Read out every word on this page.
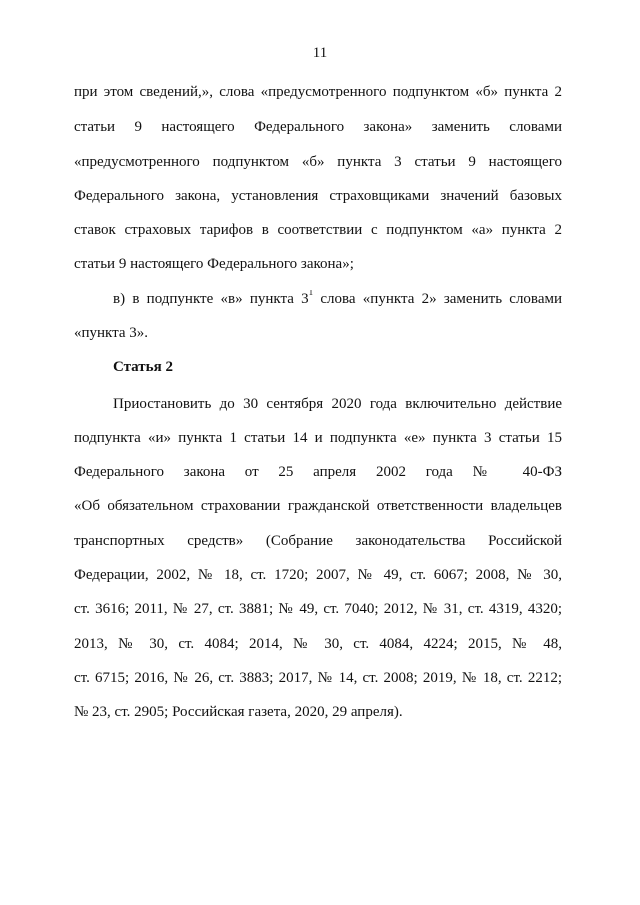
11
при этом сведений,», слова «предусмотренного подпунктом «б» пункта 2
статьи 9 настоящего Федерального закона» заменить словами
«предусмотренного подпунктом «б» пункта 3 статьи 9 настоящего
Федерального закона, установления страховщиками значений базовых
ставок страховых тарифов в соответствии с подпунктом «а» пункта 2
статьи 9 настоящего Федерального закона»;
в) в подпункте «в» пункта $3^1$ слова «пункта 2» заменить словами
«пункта 3».
Статья 2
Приостановить до 30 сентября 2020 года включительно действие
подпункта «и» пункта 1 статьи 14 и подпункта «е» пункта 3 статьи 15
Федерального закона от 25 апреля 2002 года № 40-ФЗ
«Об обязательном страховании гражданской ответственности владельцев
транспортных средств» (Собрание законодательства Российской
Федерации, 2002, № 18, ст. 1720; 2007, № 49, ст. 6067; 2008, № 30,
ст. 3616; 2011, № 27, ст. 3881; № 49, ст. 7040; 2012, № 31, ст. 4319, 4320;
2013, № 30, ст. 4084; 2014, № 30, ст. 4084, 4224; 2015, № 48,
ст. 6715; 2016, № 26, ст. 3883; 2017, № 14, ст. 2008; 2019, № 18, ст. 2212;
№ 23, ст. 2905; Российская газета, 2020, 29 апреля).
